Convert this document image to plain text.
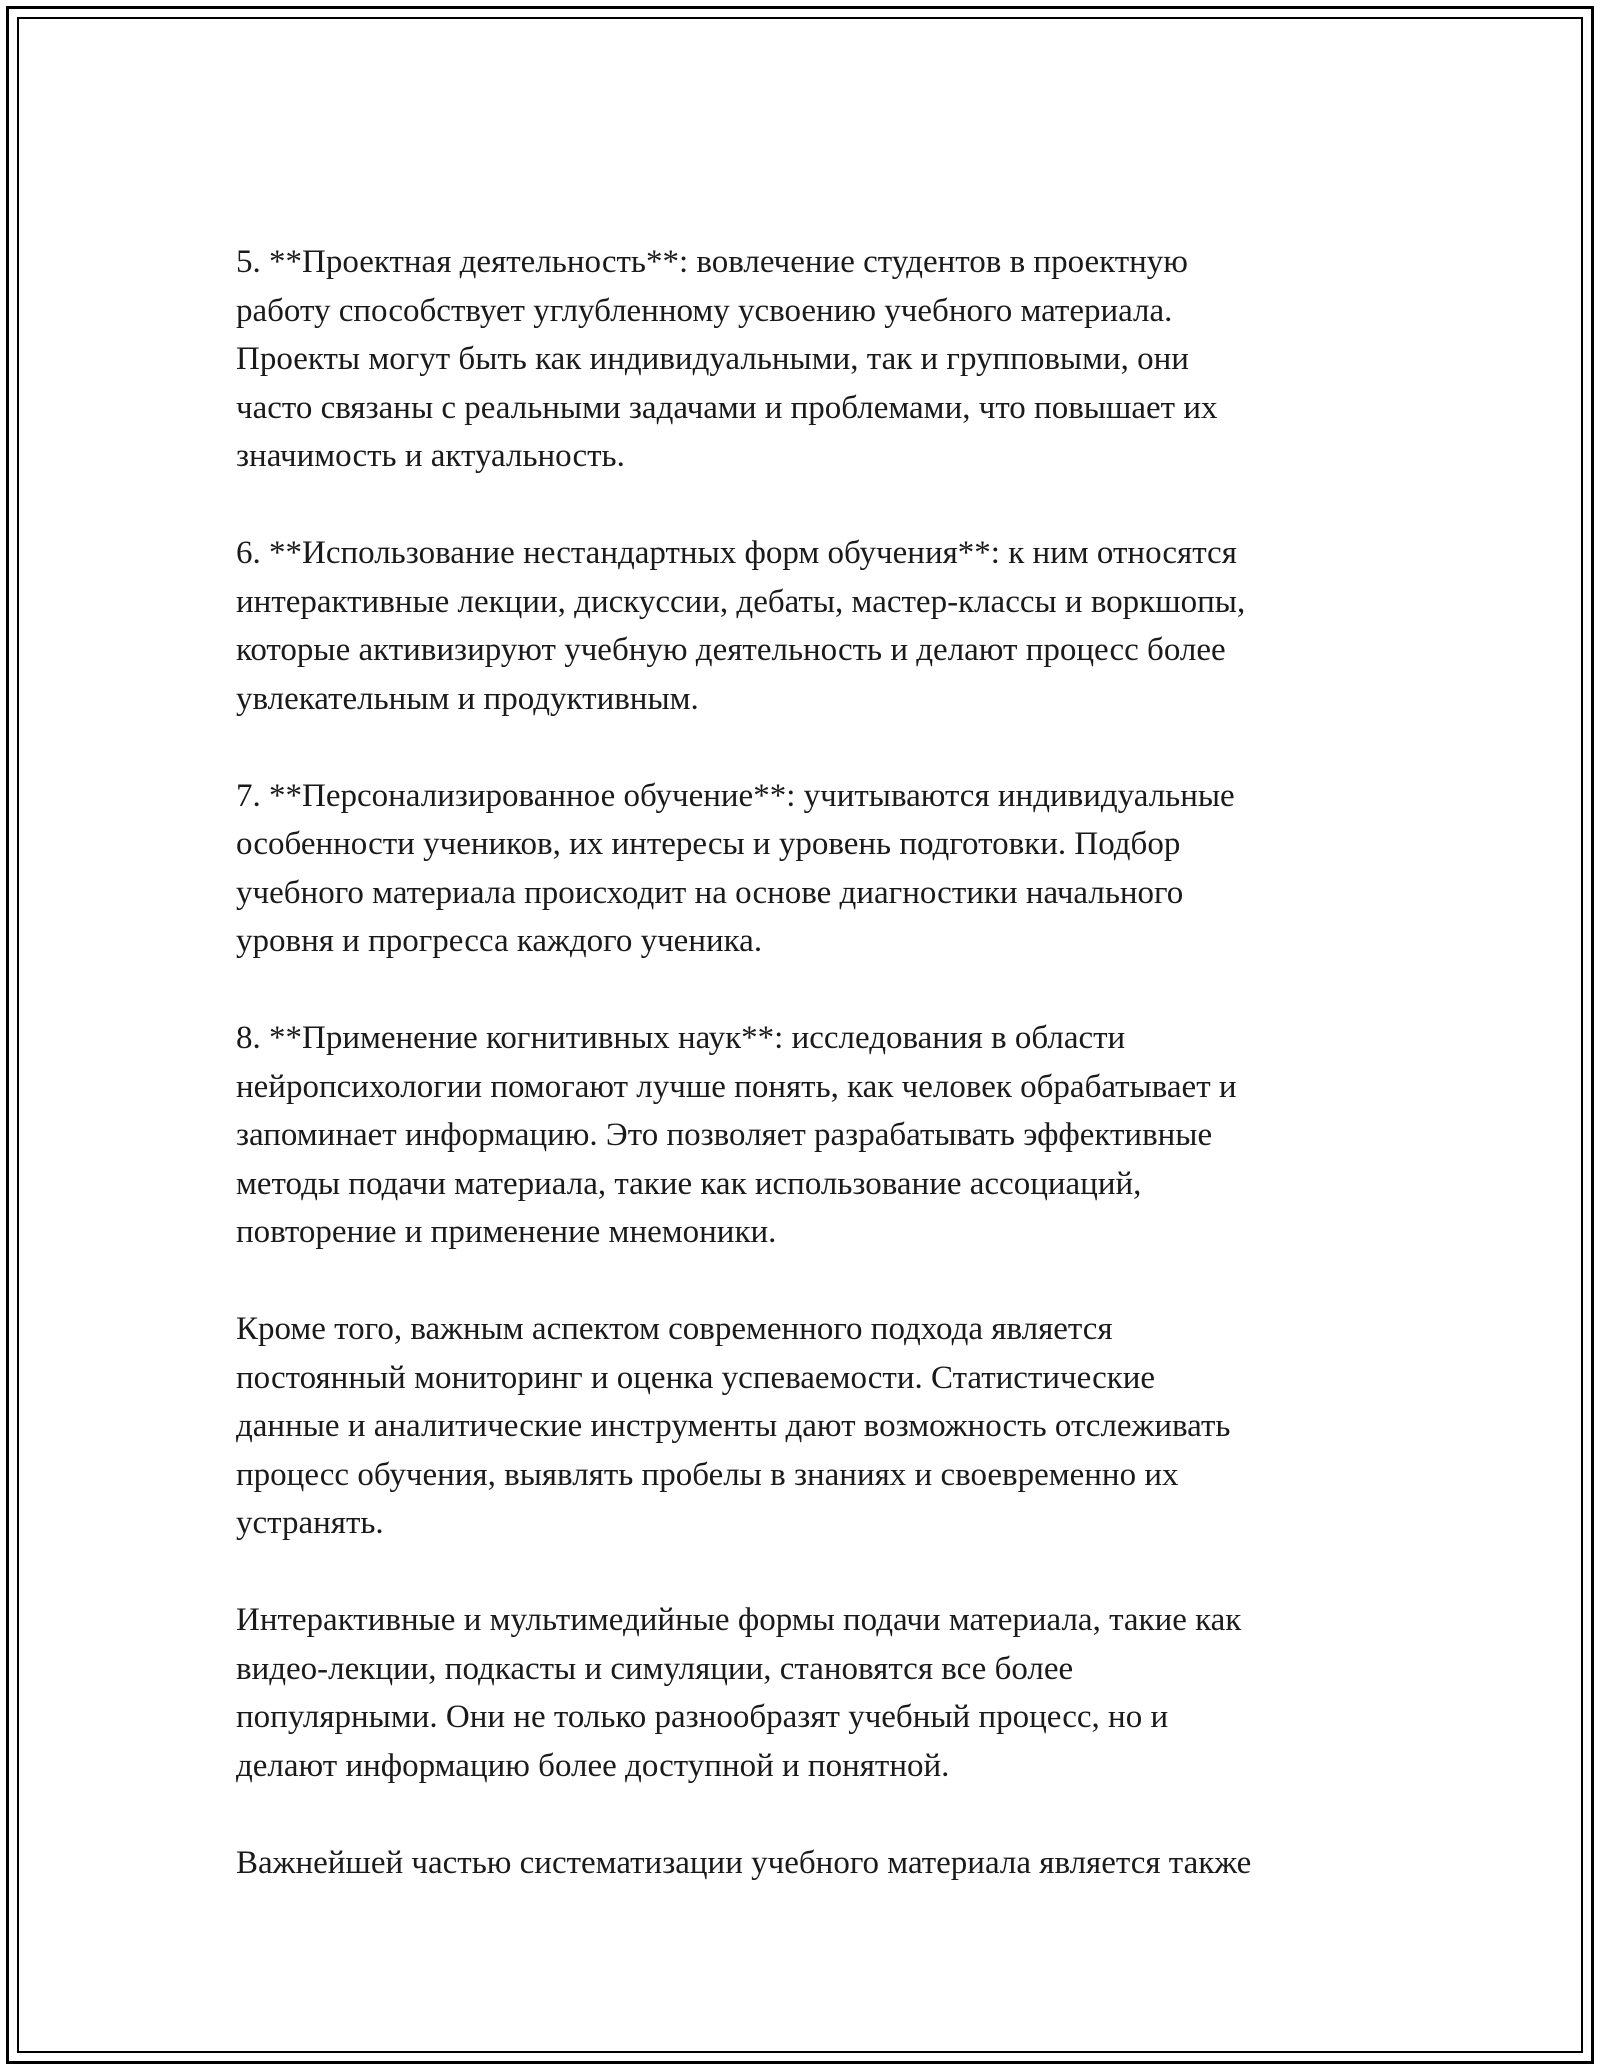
5. **Проектная деятельность**: вовлечение студентов в проектную
работу способствует углубленному усвоению учебного материала.
Проекты могут быть как индивидуальными, так и групповыми, они
часто связаны с реальными задачами и проблемами, что повышает их
значимость и актуальность.

6. **Использование нестандартных форм обучения**: к ним относятся
интерактивные лекции, дискуссии, дебаты, мастер-классы и воркшопы,
которые активизируют учебную деятельность и делают процесс более
увлекательным и продуктивным.

7. **Персонализированное обучение**: учитываются индивидуальные
особенности учеников, их интересы и уровень подготовки. Подбор
учебного материала происходит на основе диагностики начального
уровня и прогресса каждого ученика.

8. **Применение когнитивных наук**: исследования в области
нейропсихологии помогают лучше понять, как человек обрабатывает и
запоминает информацию. Это позволяет разрабатывать эффективные
методы подачи материала, такие как использование ассоциаций,
повторение и применение мнемоники.

Кроме того, важным аспектом современного подхода является
постоянный мониторинг и оценка успеваемости. Статистические
данные и аналитические инструменты дают возможность отслеживать
процесс обучения, выявлять пробелы в знаниях и своевременно их
устранять.

Интерактивные и мультимедийные формы подачи материала, такие как
видео-лекции, подкасты и симуляции, становятся все более
популярными. Они не только разнообразят учебный процесс, но и
делают информацию более доступной и понятной.

Важнейшей частью систематизации учебного материала является также
